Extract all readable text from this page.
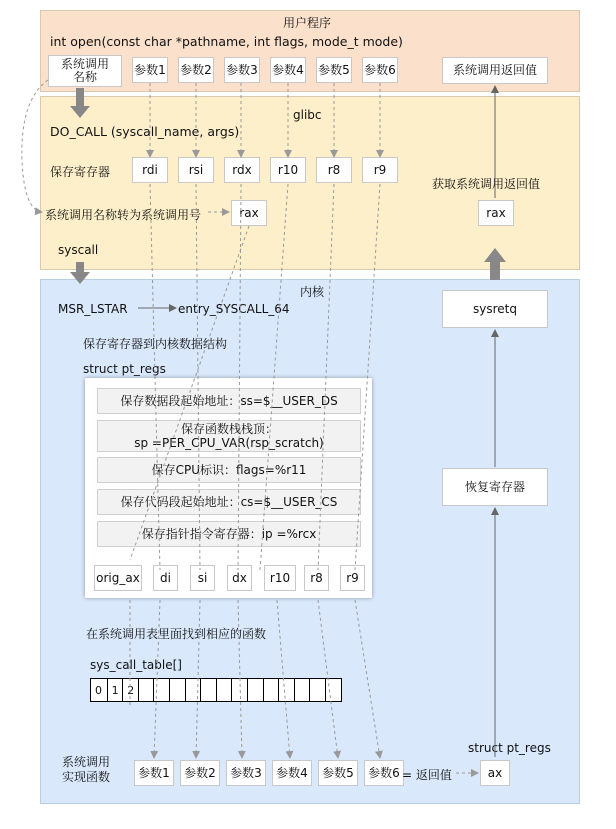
用户程序
int open(const char *pathname, int flags, mode_t mode)
系统调用
名称
参数1 参数2 参数3 参数4 参数5 参数6	系统调用返回值
glibc
DO_CALL (syscall_name, args)
保存寄存器	rdi	rsi	rdx	r10	r8	r9
系统调用名称转为系统调用号	rax
获取系统调用返回值
rax
syscall
内核
MSR_LSTAR	entry_SYSCALL_64
保存寄存器到内核数据结构
struct pt_regs
保存数据段起始地址：ss=$__USER_DS
保存函数栈栈顶：
sp =PER_CPU_VAR(rsp_scratch)
保存CPU标识：flags=%r11
保存代码段起始地址：cs=$__USER_CS
保存指针指令寄存器：ip =%rcx
orig_ax	di	si	dx	r10	r8	r9
在系统调用表里面找到相应的函数
sys_call_table[]
0 1 2
系统调用
实现函数	参数1	参数2	参数3	参数4	参数5	参数6 = 返回值	ax
struct pt_regs
sysretq
恢复寄存器
